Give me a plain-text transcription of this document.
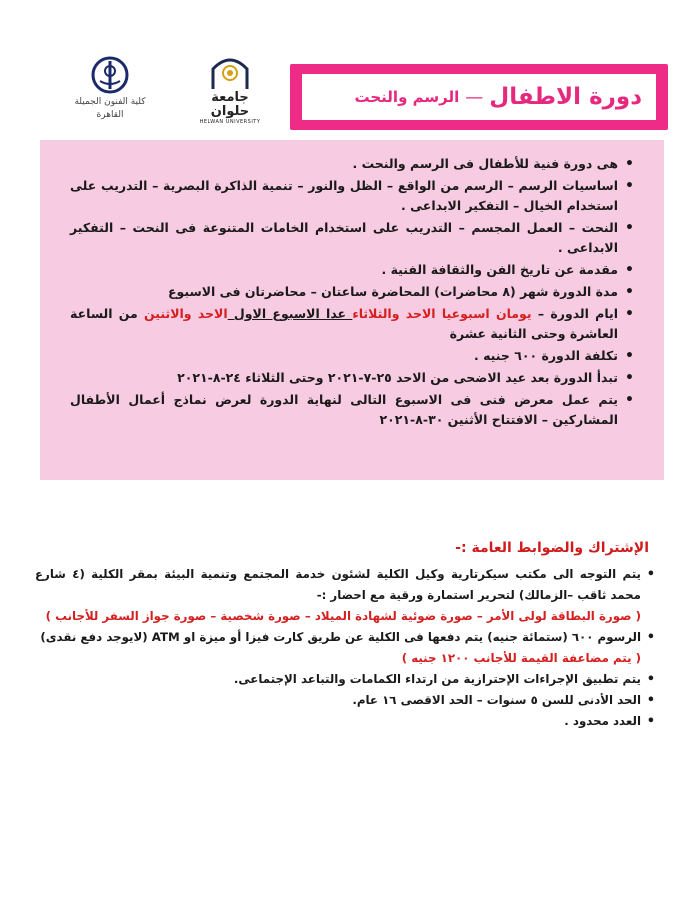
كلية الفنون الجميلة
القاهرة
جامعة حلوان
HELWAN UNIVERSITY
دورة الاطفال
—
الرسم والنحت
• هى دورة فنية للأطفال فى الرسم والنحت .
• اساسيات الرسم – الرسم من الواقع – الظل والنور – تنمية الذاكرة البصرية – التدريب على استخدام الخيال – التفكير الابداعى .
• النحت – العمل المجسم – التدريب على استخدام الخامات المتنوعة فى النحت – التفكير الابداعى .
• مقدمة عن تاريخ الفن والثقافة الفنية .
• مدة الدورة شهر (٨ محاضرات) المحاضرة ساعتان – محاضرتان فى الاسبوع
• ايام الدورة – يومان اسبوعيا الاحد والثلاثاء عدا الاسبوع الاول الاحد والاثنين من الساعة العاشرة وحتى الثانية عشرة
• تكلفة الدورة ٦٠٠ جنيه .
• تبدأ الدورة بعد عيد الاضحى من الاحد ٢٥-٧-٢٠٢١ وحتى الثلاثاء ٢٤-٨-٢٠٢١
• يتم عمل معرض فنى فى الاسبوع التالى لنهاية الدورة لعرض نماذج أعمال الأطفال المشاركين – الافتتاح الأثنين ٣٠-٨-٢٠٢١
الإشتراك والضوابط العامة :-
• يتم التوجه الى مكتب سيكرتارية وكيل الكلية لشئون خدمة المجتمع وتنمية البيئة بمقر الكلية (٤ شارع محمد ثاقب –الزمالك) لتحرير استمارة ورقية مع احضار :-
( صورة البطاقة لولى الأمر – صورة ضوئية لشهادة الميلاد – صورة شخصية – صورة جواز السفر للأجانب )
• الرسوم ٦٠٠ (ستمائة جنيه) يتم دفعها فى الكلية عن طريق كارت فيزا أو ميزة او ATM (لايوجد دفع نقدى)
( يتم مضاعفة القيمة للأجانب ١٢٠٠ جنيه )
• يتم تطبيق الإجراءات الإحترازية من ارتداء الكمامات والتباعد الإجتماعى.
• الحد الأدنى للسن ٥ سنوات – الحد الاقصى ١٦ عام.
• العدد محدود .
